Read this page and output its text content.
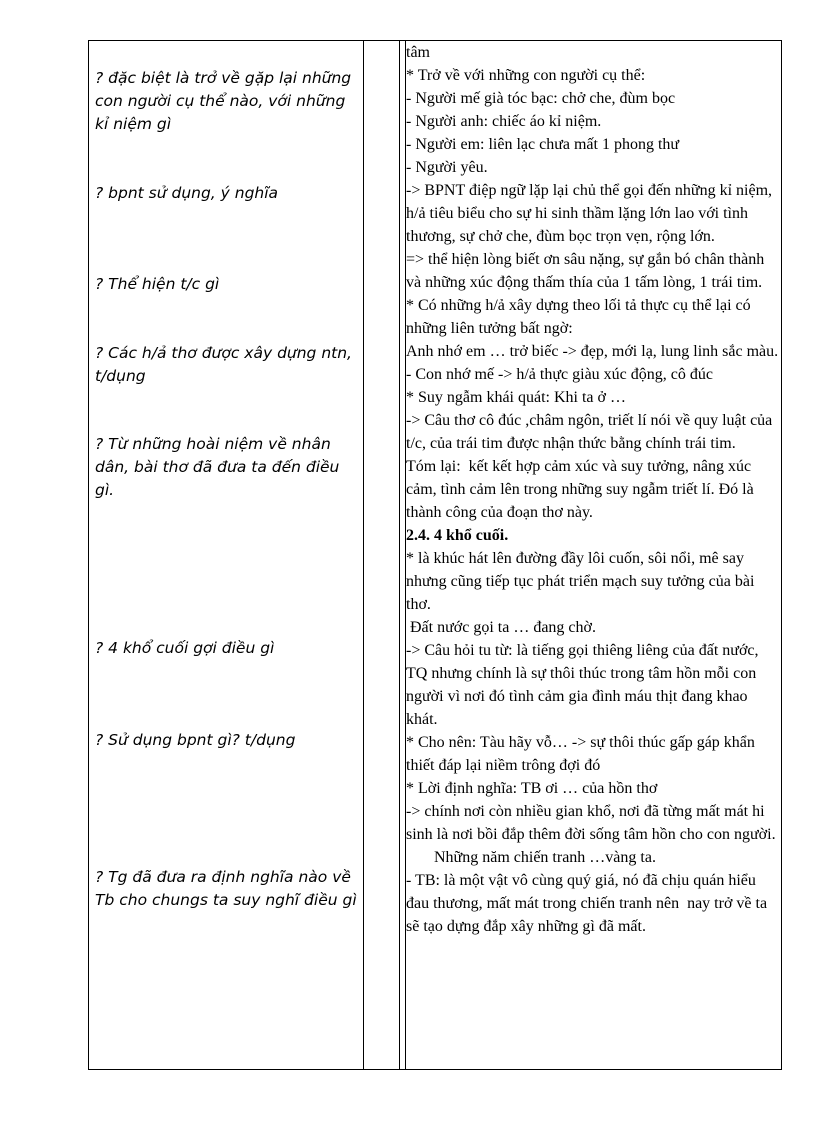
? đặc biệt là trở về gặp lại những con người cụ thể nào, với những kỉ niệm gì
? bpnt sử dụng, ý nghĩa
? Thể hiện t/c gì
? Các h/ả thơ được xây dựng ntn, t/dụng
? Từ những hoài niệm về nhân dân, bài thơ đã đưa ta đến điều gì.
? 4 khổ cuối gợi điều gì
? Sử dụng bpnt gì? t/dụng
? Tg đã đưa ra định nghĩa nào về Tb cho chungs ta suy nghĩ điều gì

tâm
* Trở về với những con người cụ thể:
- Người mế già tóc bạc: chở che, đùm bọc
- Người anh: chiếc áo kỉ niệm.
- Người em: liên lạc chưa mất 1 phong thư
- Người yêu.
-> BPNT điệp ngữ lặp lại chủ thể gọi đến những kỉ niệm, h/ả tiêu biểu cho sự hi sinh thầm lặng lớn lao với tình thương, sự chở che, đùm bọc trọn vẹn, rộng lớn.
=> thể hiện lòng biết ơn sâu nặng, sự gắn bó chân thành và những xúc động thấm thía của 1 tấm lòng, 1 trái tim.
* Có những h/ả xây dựng theo lối tả thực cụ thể lại có những liên tưởng bất ngờ:
Anh nhớ em … trở biếc -> đẹp, mới lạ, lung linh sắc màu.
- Con nhớ mế -> h/ả thực giàu xúc động, cô đúc
* Suy ngẫm khái quát: Khi ta ở …
-> Câu thơ cô đúc ,châm ngôn, triết lí nói về quy luật của t/c, của trái tim được nhận thức bằng chính trái tim.
Tóm lại:  kết kết hợp cảm xúc và suy tưởng, nâng xúc cảm, tình cảm lên trong những suy ngẫm triết lí. Đó là thành công của đoạn thơ này.
2.4. 4 khổ cuối.
* là khúc hát lên đường đầy lôi cuốn, sôi nổi, mê say nhưng cũng tiếp tục phát triển mạch suy tưởng của bài thơ.
Đất nước gọi ta … đang chờ.
-> Câu hỏi tu từ: là tiếng gọi thiêng liêng của đất nước, TQ nhưng chính là sự thôi thúc trong tâm hồn mỗi con người vì nơi đó tình cảm gia đình máu thịt đang khao khát.
* Cho nên: Tàu hãy vỗ… -> sự thôi thúc gấp gáp khẩn thiết đáp lại niềm trông đợi đó
* Lời định nghĩa: TB ơi … của hồn thơ
-> chính nơi còn nhiều gian khổ, nơi đã từng mất mát hi sinh là nơi bồi đắp thêm đời sống tâm hồn cho con người.
Những năm chiến tranh …vàng ta.
- TB: là một vật vô cùng quý giá, nó đã chịu quán hiểu đau thương, mất mát trong chiến tranh nên  nay trở về ta sẽ tạo dựng đắp xây những gì đã mất.
